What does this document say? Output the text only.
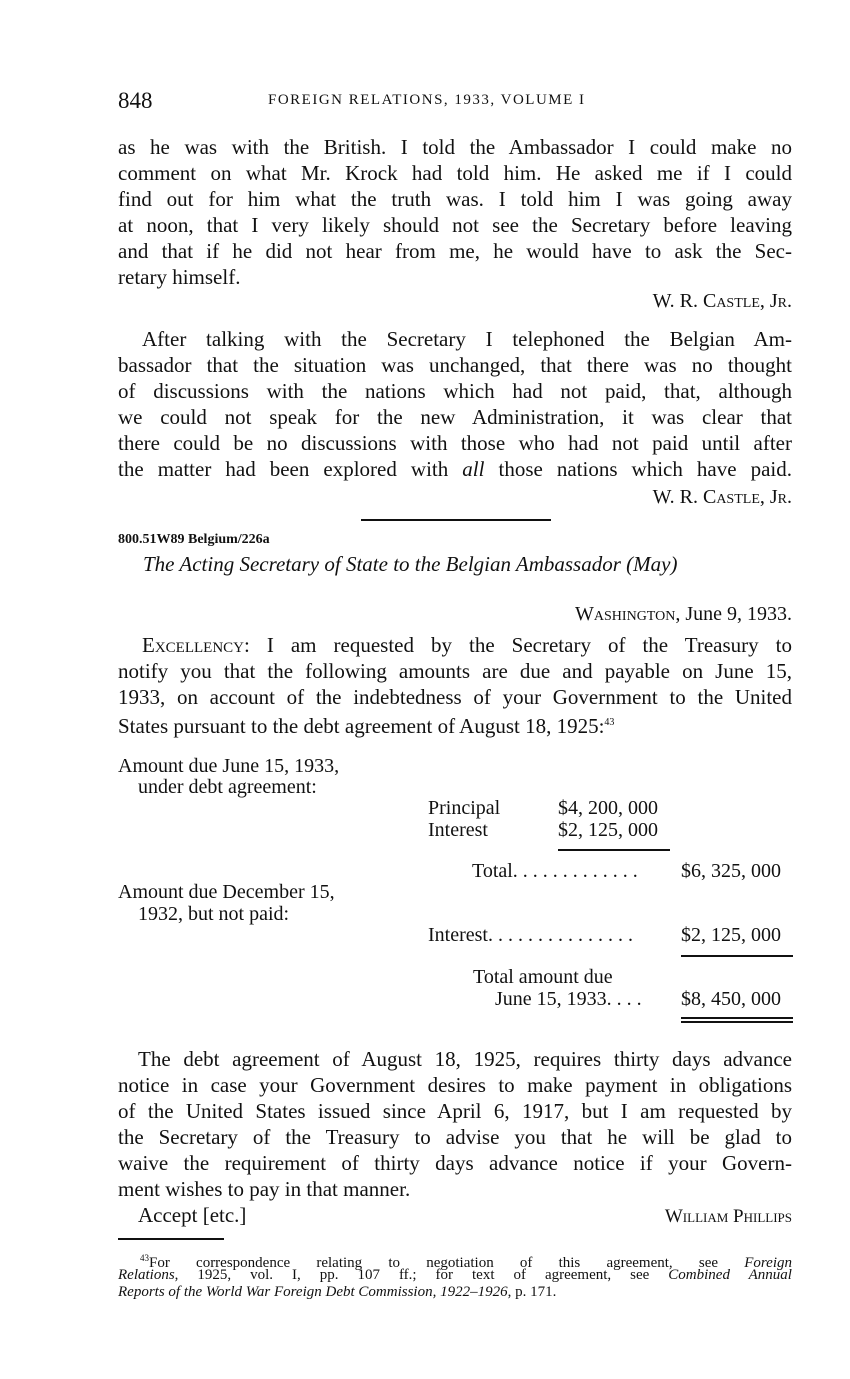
848	FOREIGN RELATIONS, 1933, VOLUME I
as he was with the British. I told the Ambassador I could make no
comment on what Mr. Krock had told him. He asked me if I could
find out for him what the truth was. I told him I was going away
at noon, that I very likely should not see the Secretary before leaving
and that if he did not hear from me, he would have to ask the Sec-
retary himself.
W. R. Castle, Jr.
After talking with the Secretary I telephoned the Belgian Am-
bassador that the situation was unchanged, that there was no thought
of discussions with the nations which had not paid, that, although
we could not speak for the new Administration, it was clear that
there could be no discussions with those who had not paid until after
the matter had been explored with all those nations which have paid.
W. R. Castle, Jr.
800.51W89 Belgium/226a
The Acting Secretary of State to the Belgian Ambassador (May)
Washington, June 9, 1933.
Excellency: I am requested by the Secretary of the Treasury to
notify you that the following amounts are due and payable on June 15,
1933, on account of the indebtedness of your Government to the United
States pursuant to the debt agreement of August 18, 1925:$^{43}$
Amount due June 15, 1933,
under debt agreement:
Principal	$4, 200, 000
Interest	$2, 125, 000
Total. . . . . . . . . . . . . $6, 325, 000
Amount due December 15,
1932, but not paid:
Interest. . . . . . . . . . . . . . . $2, 125, 000
Total amount due
June 15, 1933. . . . $8, 450, 000
The debt agreement of August 18, 1925, requires thirty days advance
notice in case your Government desires to make payment in obligations
of the United States issued since April 6, 1917, but I am requested by
the Secretary of the Treasury to advise you that he will be glad to
waive the requirement of thirty days advance notice if your Govern-
ment wishes to pay in that manner.
Accept [etc.]	William Phillips
$^{43}$For correspondence relating to negotiation of this agreement, see Foreign
Relations, 1925, vol. I, pp. 107 ff.; for text of agreement, see Combined Annual
Reports of the World War Foreign Debt Commission, 1922–1926, p. 171.
